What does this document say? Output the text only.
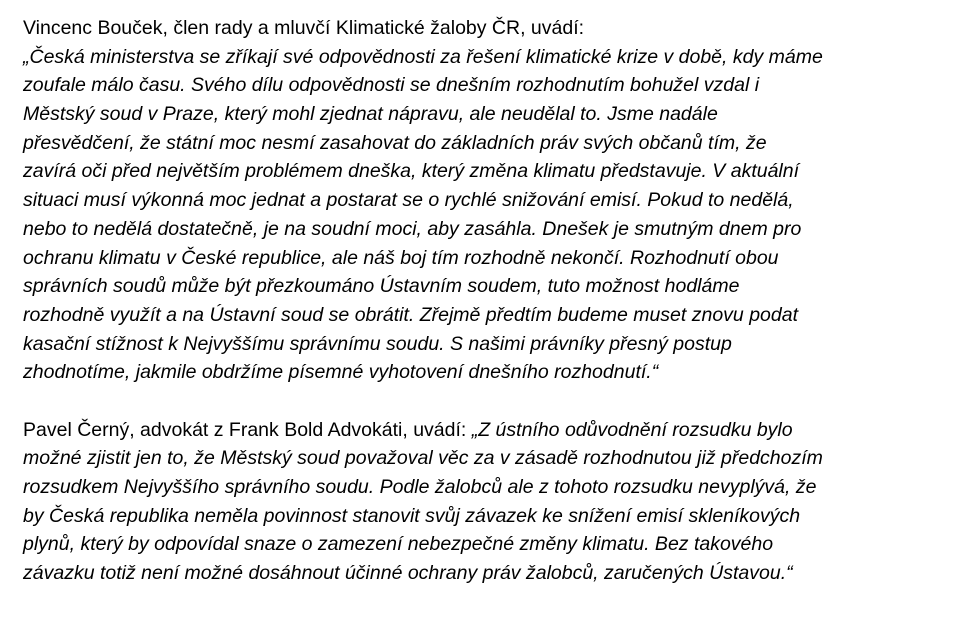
Vincenc Bouček, člen rady a mluvčí Klimatické žaloby ČR, uvádí:
„Česká ministerstva se zříkají své odpovědnosti za řešení klimatické krize v době, kdy máme
zoufale málo času. Svého dílu odpovědnosti se dnešním rozhodnutím bohužel vzdal i
Městský soud v Praze, který mohl zjednat nápravu, ale neudělal to. Jsme nadále
přesvědčení, že státní moc nesmí zasahovat do základních práv svých občanů tím, že
zavírá oči před největším problémem dneška, který změna klimatu představuje. V aktuální
situaci musí výkonná moc jednat a postarat se o rychlé snižování emisí. Pokud to nedělá,
nebo to nedělá dostatečně, je na soudní moci, aby zasáhla. Dnešek je smutným dnem pro
ochranu klimatu v České republice, ale náš boj tím rozhodně nekončí. Rozhodnutí obou
správních soudů může být přezkoumáno Ústavním soudem, tuto možnost hodláme
rozhodně využít a na Ústavní soud se obrátit. Zřejmě předtím budeme muset znovu podat
kasační stížnost k Nejvyššímu správnímu soudu. S našimi právníky přesný postup
zhodnotíme, jakmile obdržíme písemné vyhotovení dnešního rozhodnutí.“
Pavel Černý, advokát z Frank Bold Advokáti, uvádí: „Z ústního odůvodnění rozsudku bylo
možné zjistit jen to, že Městský soud považoval věc za v zásadě rozhodnutou již předchozím
rozsudkem Nejvyššího správního soudu. Podle žalobců ale z tohoto rozsudku nevyplývá, že
by Česká republika neměla povinnost stanovit svůj závazek ke snížení emisí skleníkových
plynů, který by odpovídal snaze o zamezení nebezpečné změny klimatu. Bez takového
závazku totiž není možné dosáhnout účinné ochrany práv žalobců, zaručených Ústavou.“
